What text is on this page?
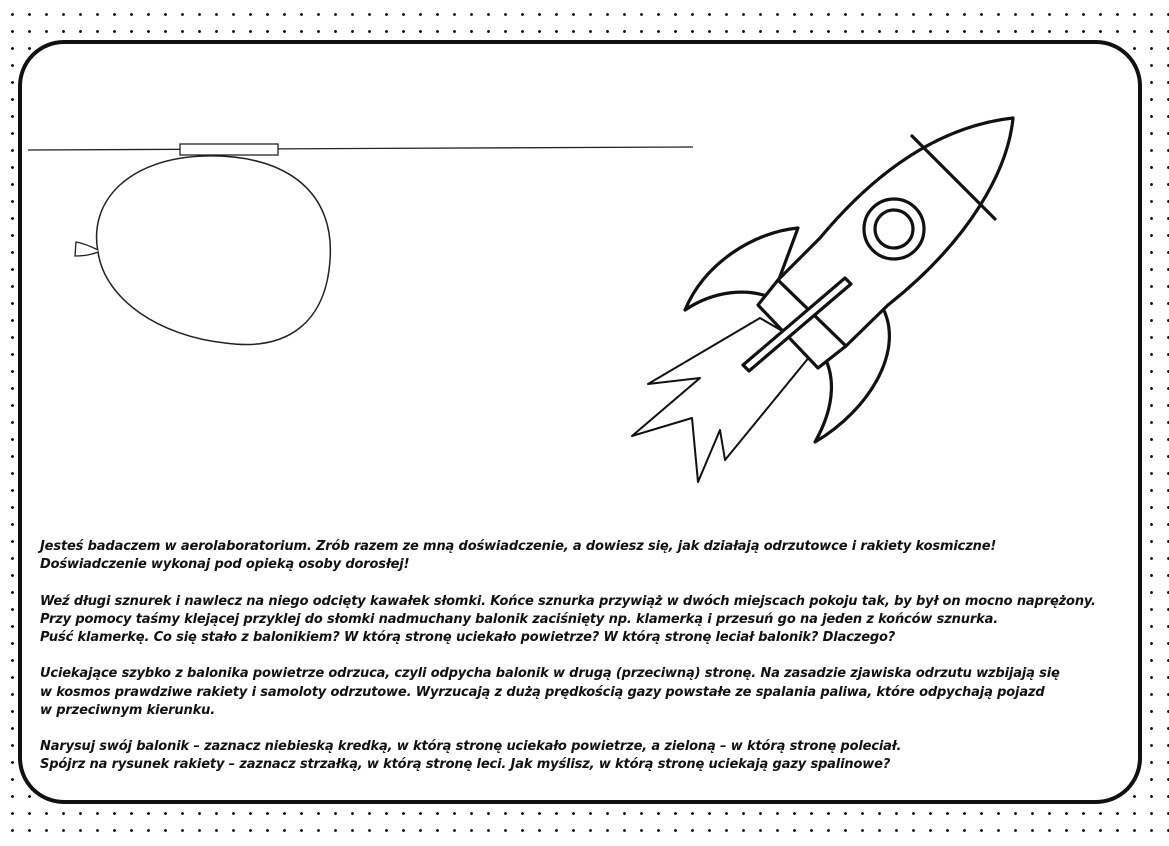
Jesteś badaczem w aerolaboratorium. Zrób razem ze mną doświadczenie, a dowiesz się, jak działają odrzutowce i rakiety kosmiczne!
Doświadczenie wykonaj pod opieką osoby dorosłej!

Weź długi sznurek i nawlecz na niego odcięty kawałek słomki. Końce sznurka przywiąż w dwóch miejscach pokoju tak, by był on mocno naprężony.
Przy pomocy taśmy klejącej przyklej do słomki nadmuchany balonik zaciśnięty np. klamerką i przesuń go na jeden z końców sznurka.
Puść klamerkę. Co się stało z balonikiem? W którą stronę uciekało powietrze? W którą stronę leciał balonik? Dlaczego?

Uciekające szybko z balonika powietrze odrzuca, czyli odpycha balonik w drugą (przeciwną) stronę. Na zasadzie zjawiska odrzutu wzbijają się
w kosmos prawdziwe rakiety i samoloty odrzutowe. Wyrzucają z dużą prędkością gazy powstałe ze spalania paliwa, które odpychają pojazd
w przeciwnym kierunku.

Narysuj swój balonik – zaznacz niebieską kredką, w którą stronę uciekało powietrze, a zieloną – w którą stronę poleciał.
Spójrz na rysunek rakiety – zaznacz strzałką, w którą stronę leci. Jak myślisz, w którą stronę uciekają gazy spalinowe?
